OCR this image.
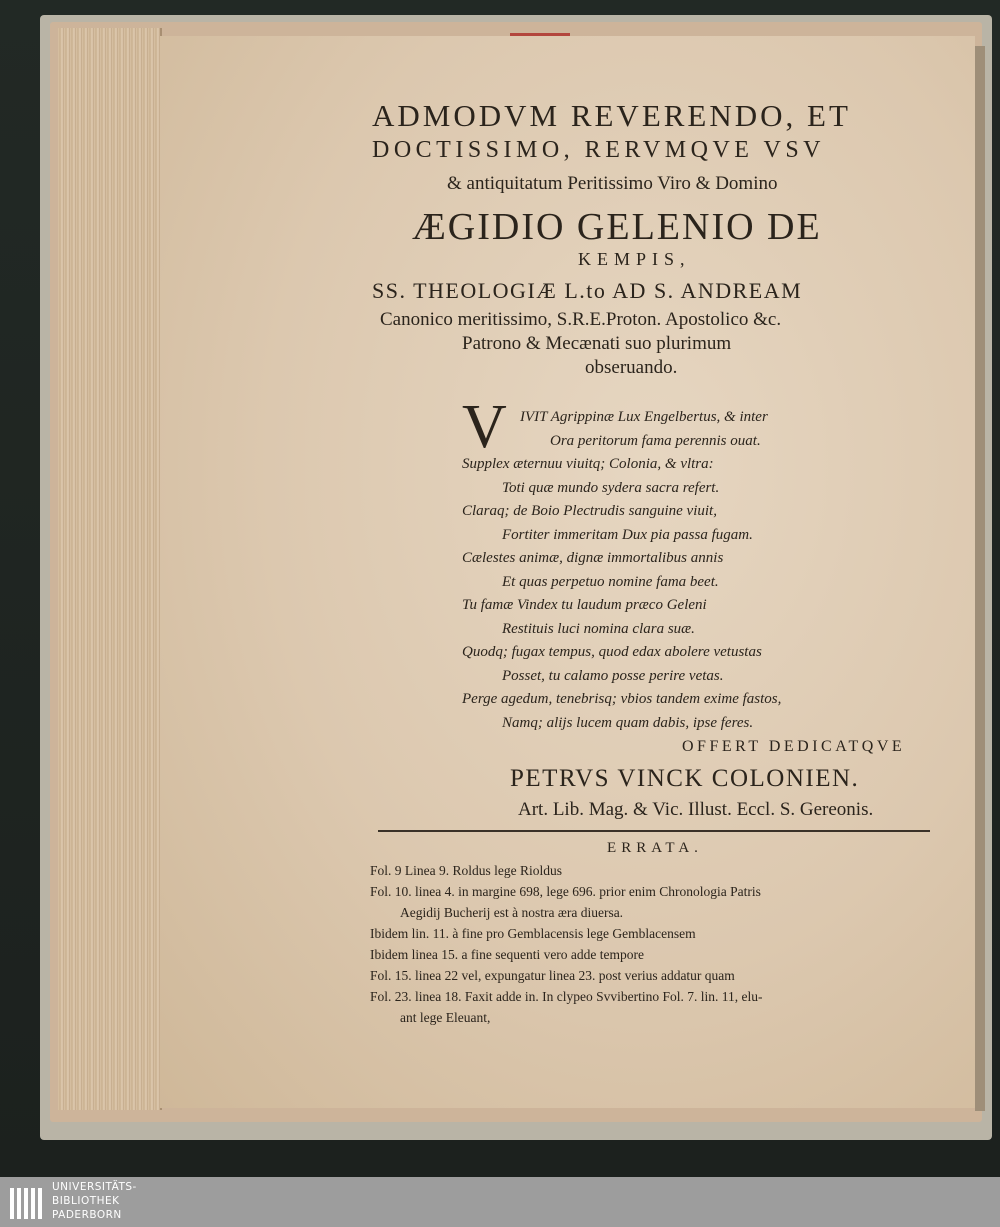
ADMODVM REVERENDO, ET
DOCTISSIMO, RERVMQVE VSV
& antiquitatum Peritissimo Viro & Domino
ÆGIDIO GELENIO DE
KEMPIS,
SS. THEOLOGIÆ L.to AD S. ANDREAM
Canonico meritissimo, S.R.E.Proton. Apostolico &c.
Patrono & Mecænati suo plurimum
obseruando.
V IVIT Agrippinæ Lux Engelbertus, & inter
Ora peritorum fama perennis ouat.
Supplex æternuu viuitq; Colonia, & vltra:
Toti quæ mundo sydera sacra refert.
Claraq; de Boio Plectrudis sanguine viuit,
Fortiter immeritam Dux pia passa fugam.
Cælestes animæ, dignæ immortalibus annis
Et quas perpetuo nomine fama beet.
Tu famæ Vindex tu laudum præco Geleni
Restituis luci nomina clara suæ.
Quodq; fugax tempus, quod edax abolere vetustas
Posset, tu calamo posse perire vetas.
Perge agedum, tenebrisq; vbios tandem exime fastos,
Namq; alijs lucem quam dabis, ipse feres.
OFFERT DEDICATQVE
PETRVS VINCK COLONIEN.
Art. Lib. Mag. & Vic. Illust. Eccl. S. Gereonis.
ERRATA.
Fol. 9 Linea 9. Roldus lege Rioldus
Fol. 10. linea 4. in margine 698, lege 696. prior enim Chronologia Patris
Aegidij Bucherij est à nostra æra diuersa.
Ibidem lin. 11. à fine pro Gemblacensis lege Gemblacensem
Ibidem linea 15. a fine sequenti vero adde tempore
Fol. 15. linea 22 vel, expungatur linea 23. post verius addatur quam
Fol. 23. linea 18. Faxit adde in. In clypeo Svvibertino Fol. 7. lin. 11, elu-
ant lege Eleuant,
UNIVERSITÄTS-
BIBLIOTHEK
PADERBORN
